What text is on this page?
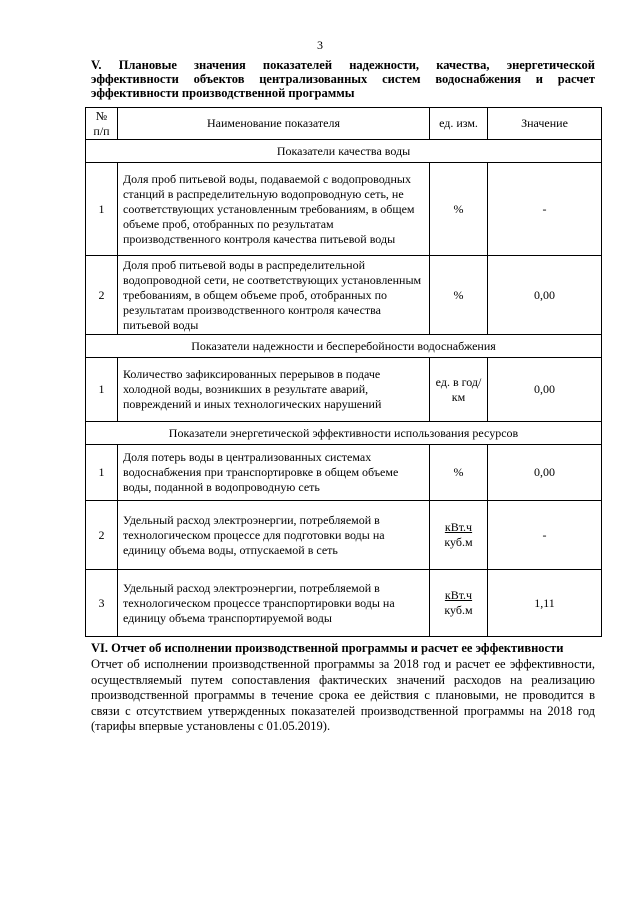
3
V. Плановые значения показателей надежности, качества, энергетической эффективности объектов централизованных систем водоснабжения и расчет эффективности производственной программы
№ п/п	Наименование показателя	ед. изм.	Значение
Показатели качества воды			
1	Доля проб питьевой воды, подаваемой с водопроводных станций в распределительную водопроводную сеть, не соответствующих установленным требованиям, в общем объеме проб, отобранных по результатам производственного контроля качества питьевой воды	%	-
2	Доля проб питьевой воды в распределительной водопроводной сети, не соответствующих установленным требованиям, в общем объеме проб, отобранных по результатам производственного контроля качества питьевой воды	%	0,00
Показатели надежности и бесперебойности водоснабжения			
1	Количество зафиксированных перерывов в подаче холодной воды, возникших в результате аварий, повреждений и иных технологических нарушений	ед. в год/ км	0,00
Показатели энергетической эффективности использования ресурсов			
1	Доля потерь воды в централизованных системах водоснабжения при транспортировке в общем объеме воды, поданной в водопроводную сеть	%	0,00
2	Удельный расход электроэнергии, потребляемой в технологическом процессе для подготовки воды на единицу объема воды, отпускаемой в сеть	$\frac{\text{кВт.ч}}{\text{куб.м}}$	-
3	Удельный расход электроэнергии, потребляемой в технологическом процессе транспортировки воды на единицу объема транспортируемой воды	$\frac{\text{кВт.ч}}{\text{куб.м}}$	1,11
VI. Отчет об исполнении производственной программы и расчет ее эффективности
Отчет об исполнении производственной программы за 2018 год и расчет ее эффективности, осуществляемый путем сопоставления фактических значений расходов на реализацию производственной программы в течение срока ее действия с плановыми, не проводится в связи с отсутствием утвержденных показателей производственной программы на 2018 год (тарифы впервые установлены с 01.05.2019).
